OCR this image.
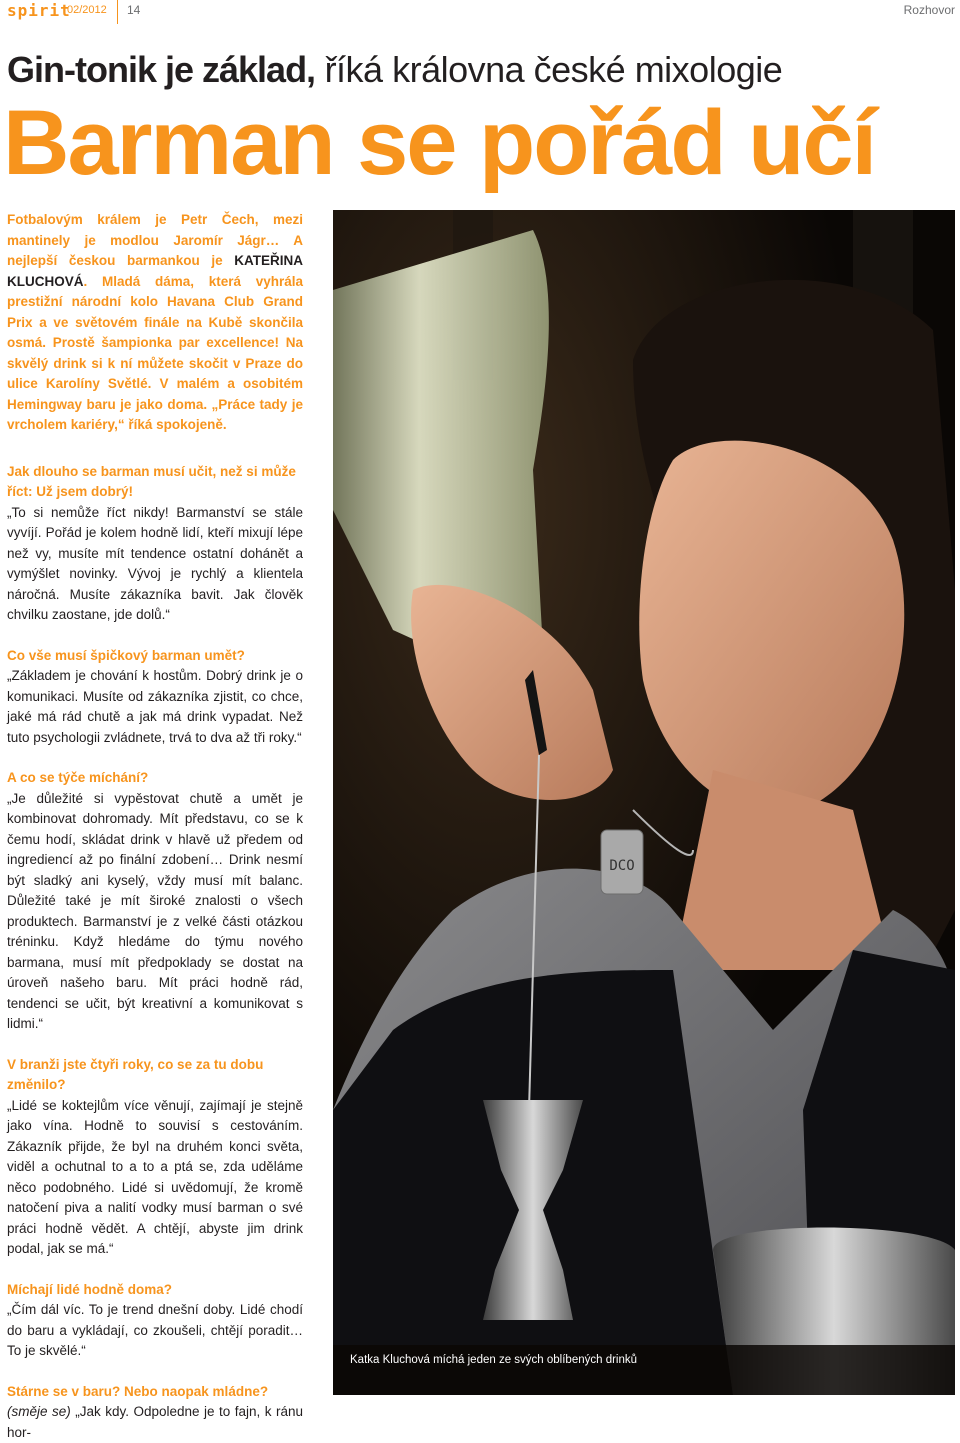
spirit
02/2012 14	Rozhovor
Gin-tonik je základ, říká královna české mixologie
Barman se pořád učí

Fotbalovým králem je Petr Čech, mezi mantinely je modlou Jaromír Jágr… A nejlepší českou barmankou je KATEŘINA KLUCHOVÁ. Mladá dáma, která vyhrála prestižní národní kolo Havana Club Grand Prix a ve světovém finále na Kubě skončila osmá. Prostě šampionka par excellence! Na skvělý drink si k ní můžete skočit v Praze do ulice Karolíny Světlé. V malém a osobitém Hemingway baru je jako doma. „Práce tady je vrcholem kariéry,“ říká spokojeně.

Jak dlouho se barman musí učit, než si může říct: Už jsem dobrý!

„To si nemůže říct nikdy! Barmanství se stále vyvíjí. Pořád je kolem hodně lidí, kteří mixují lépe než vy, musíte mít tendence ostatní dohánět a vymýšlet novinky. Vývoj je rychlý a klientela náročná. Musíte zákazníka bavit. Jak člověk chvilku zaostane, jde dolů.“

Co vše musí špičkový barman umět?

„Základem je chování k hostům. Dobrý drink je o komunikaci. Musíte od zákazníka zjistit, co chce, jaké má rád chutě a jak má drink vypadat. Než tuto psychologii zvládnete, trvá to dva až tři roky.“

A co se týče míchání?

„Je důležité si vypěstovat chutě a umět je kombinovat dohromady. Mít představu, co se k čemu hodí, skládat drink v hlavě už předem od ingrediencí až po finální zdobení… Drink nesmí být sladký ani kyselý, vždy musí mít balanc. Důležité také je mít široké znalosti o všech produktech. Barmanství je z velké části otázkou tréninku. Když hledáme do týmu nového barmana, musí mít předpoklady se dostat na úroveň našeho baru. Mít práci hodně rád, tendenci se učit, být kreativní a komunikovat s lidmi.“

V branži jste čtyři roky, co se za tu dobu změnilo?

„Lidé se koktejlům více věnují, zajímají je stejně jako vína. Hodně to souvisí s cestováním. Zákazník přijde, že byl na druhém konci světa, viděl a ochutnal to a to a ptá se, zda uděláme něco podobného. Lidé si uvědomují, že kromě natočení piva a nalití vodky musí barman o své práci hodně vědět. A chtějí, abyste jim drink podal, jak se má.“

Míchají lidé hodně doma?

„Čím dál víc. To je trend dnešní doby. Lidé chodí do baru a vykládají, co zkoušeli, chtějí poradit… To je skvělé.“

Stárne se v baru? Nebo naopak mládne?

(směje se) „Jak kdy. Odpoledne je to fajn, k ránu hor-

DCO
Katka Kluchová míchá jeden ze svých oblíbených drinků
